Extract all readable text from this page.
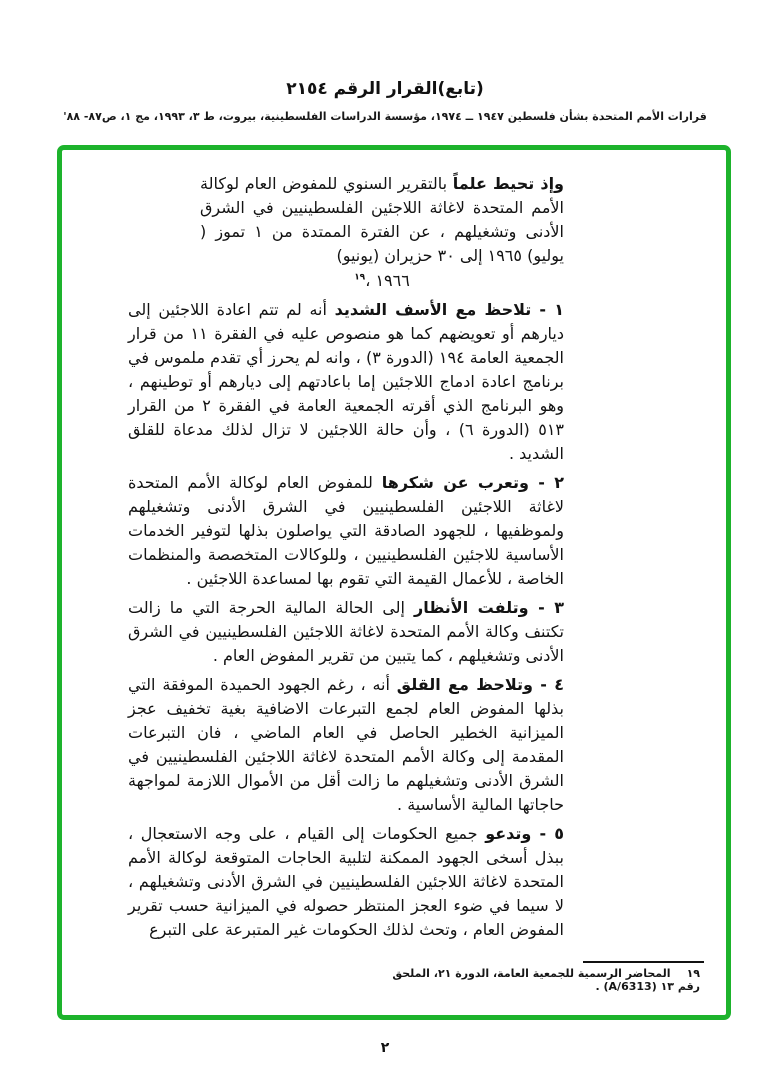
(تابع)القرار الرقم ٢١٥٤
قرارات الأمم المتحدة بشأن فلسطين ١٩٤٧ ــ ١٩٧٤، مؤسسة الدراسات الفلسطينية، بيروت، ط ٣، ١٩٩٣، مج ١، ص٨٧- ٨٨'

وإذ تحيط علماً بالتقرير السنوي للمفوض العام لوكالة الأمم المتحدة لاغاثة اللاجئين الفلسطينيين في الشرق الأدنى وتشغيلهم ، عن الفترة الممتدة من ١ تموز ( يوليو) ١٩٦٥ إلى ٣٠ حزيران (يونيو)
١٩٦٦ ،$^{١٩}$

١ - تلاحظ مع الأسف الشديد أنه لم تتم اعادة اللاجئين إلى ديارهم أو تعويضهم كما هو منصوص عليه في الفقرة ١١ من قرار الجمعية العامة ١٩٤ (الدورة ٣) ، وانه لم يحرز أي تقدم ملموس في برنامج اعادة ادماج اللاجئين إما باعادتهم إلى ديارهم أو توطينهم ، وهو البرنامج الذي أقرته الجمعية العامة في الفقرة ٢ من القرار ٥١٣ (الدورة ٦) ، وأن حالة اللاجئين لا تزال لذلك مدعاة للقلق الشديد .

٢ - وتعرب عن شكرها للمفوض العام لوكالة الأمم المتحدة لاغاثة اللاجئين الفلسطينيين في الشرق الأدنى وتشغيلهم ولموظفيها ، للجهود الصادقة التي يواصلون بذلها لتوفير الخدمات الأساسية للاجئين الفلسطينيين ، وللوكالات المتخصصة والمنظمات الخاصة ، للأعمال القيمة التي تقوم بها لمساعدة اللاجئين .

٣ - وتلفت الأنظار إلى الحالة المالية الحرجة التي ما زالت تكتنف وكالة الأمم المتحدة لاغاثة اللاجئين الفلسطينيين في الشرق الأدنى وتشغيلهم ، كما يتبين من تقرير المفوض العام .

٤ - وتلاحظ مع القلق أنه ، رغم الجهود الحميدة الموفقة التي بذلها المفوض العام لجمع التبرعات الاضافية بغية تخفيف عجز الميزانية الخطير الحاصل في العام الماضي ، فان التبرعات المقدمة إلى وكالة الأمم المتحدة لاغاثة اللاجئين الفلسطينيين في الشرق الأدنى وتشغيلهم ما زالت أقل من الأموال اللازمة لمواجهة حاجاتها المالية الأساسية .

٥ - وتدعو جميع الحكومات إلى القيام ، على وجه الاستعجال ، ببذل أسخى الجهود الممكنة لتلبية الحاجات المتوقعة لوكالة الأمم المتحدة لاغاثة اللاجئين الفلسطينيين في الشرق الأدنى وتشغيلهم ، لا سيما في ضوء العجز المنتظر حصوله في الميزانية حسب تقرير المفوض العام ، وتحث لذلك الحكومات غير المتبرعة على التبرع

١٩المحاضر الرسمية للجمعية العامة، الدورة ٢١، الملحق رقم ١٣ (A/6313) .
٢
